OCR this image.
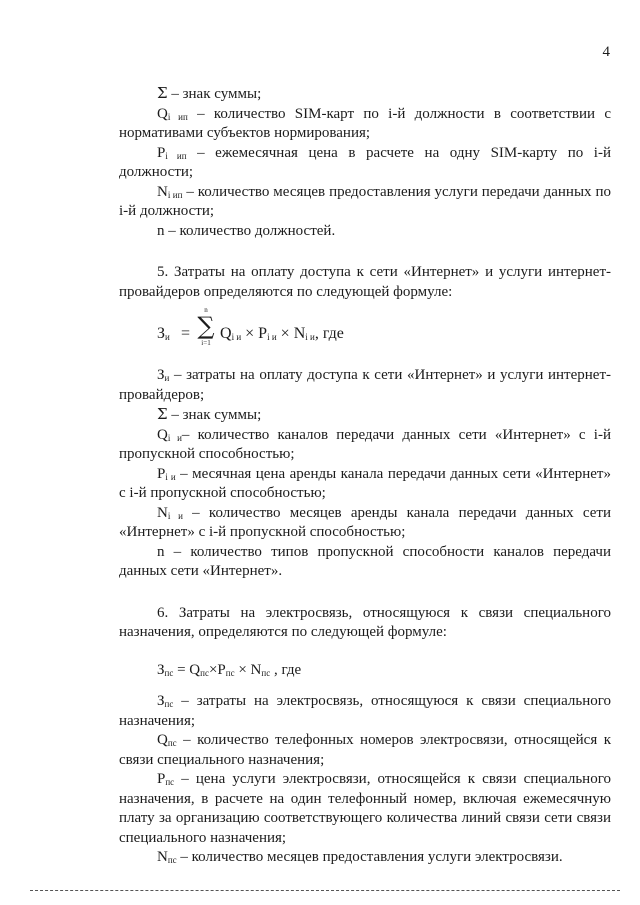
4

Σ – знак суммы;

$Q_{i ип}$ – количество SIM-карт по i-й должности в соответствии с нормативами субъектов нормирования;

$P_{i ип}$ – ежемесячная цена в расчете на одну SIM-карту по i-й должности;

$N_{i ип}$ – количество месяцев предоставления услуги передачи данных по i-й должности;

n – количество должностей.

5. Затраты на оплату доступа к сети «Интернет» и услуги интернет-провайдеров определяются по следующей формуле:

$З_и$ =
n
∑
i=1
$Q_{i и} \times P_{i и} \times N_{i и}$, где

$З_и$ – затраты на оплату доступа к сети «Интернет» и услуги интернет-провайдеров;

Σ – знак суммы;

$Q_{i и}-$ количество каналов передачи данных сети «Интернет» с i-й пропускной способностью;

$P_{i и}$ – месячная цена аренды канала передачи данных сети «Интернет» с i-й пропускной способностью;

$N_{i и}$ – количество месяцев аренды канала передачи данных сети «Интернет» с i-й пропускной способностью;

n – количество типов пропускной способности каналов передачи данных сети «Интернет».

6. Затраты на электросвязь, относящуюся к связи специального назначения, определяются по следующей формуле:

$З_{пс} = Q_{пс}\times P_{пс} \times N_{пс}$ , где

$З_{пс}$ – затраты на электросвязь, относящуюся к связи специального назначения;

$Q_{пс}$ – количество телефонных номеров электросвязи, относящейся к связи специального назначения;

$P_{пс}$ – цена услуги электросвязи, относящейся к связи специального назначения, в расчете на один телефонный номер, включая ежемесячную плату за организацию соответствующего количества линий связи сети связи специального назначения;

$N_{пс}$ – количество месяцев предоставления услуги электросвязи.
